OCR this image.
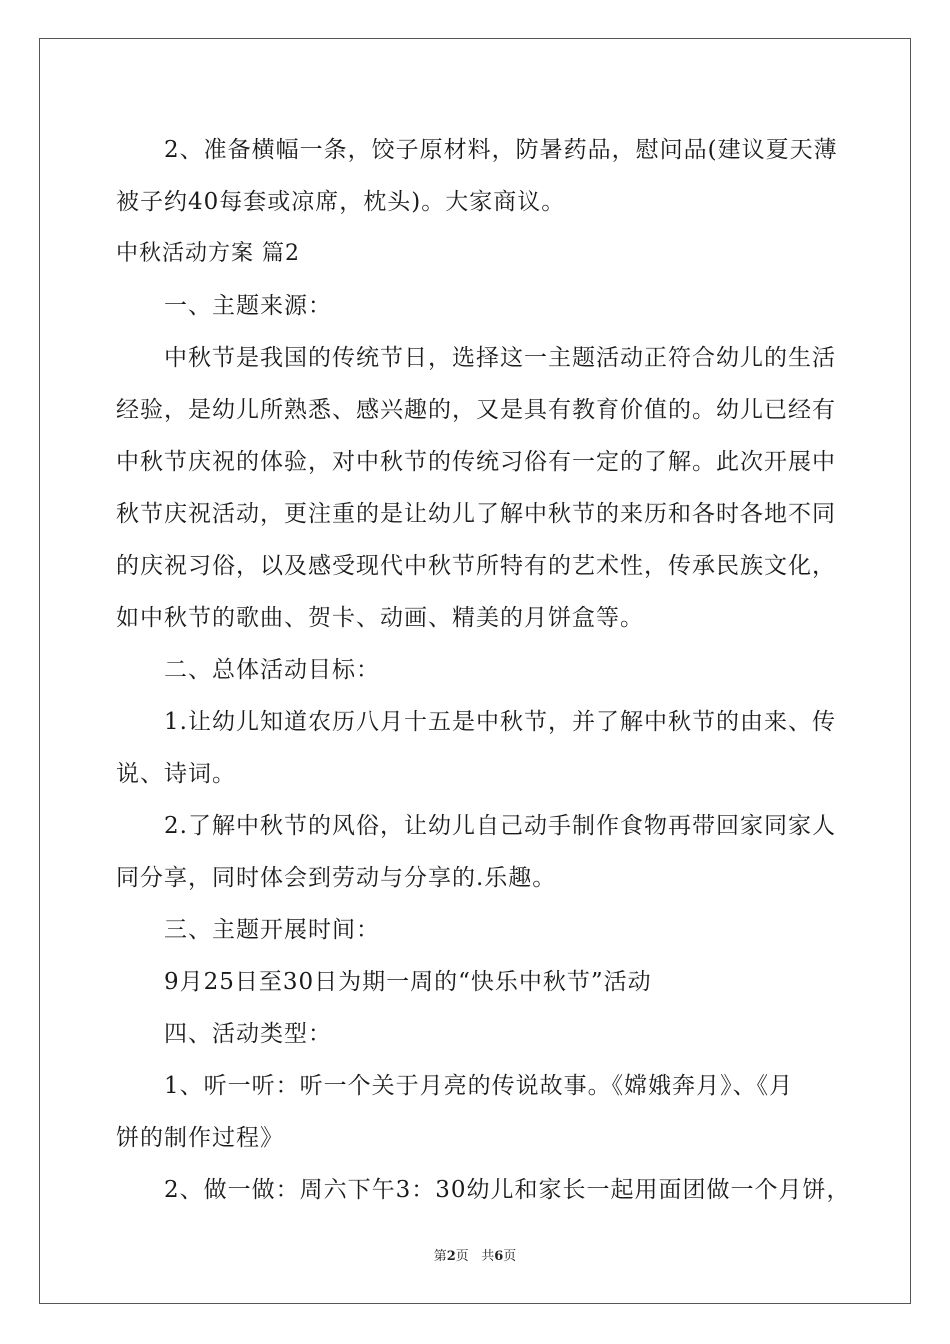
2、准备横幅一条，饺子原材料，防暑药品，慰问品(建议夏天薄
被子约40每套或凉席，枕头)。大家商议。
中秋活动方案 篇2
一、主题来源：
中秋节是我国的传统节日，选择这一主题活动正符合幼儿的生活
经验，是幼儿所熟悉、感兴趣的，又是具有教育价值的。幼儿已经有
中秋节庆祝的体验，对中秋节的传统习俗有一定的了解。此次开展中
秋节庆祝活动，更注重的是让幼儿了解中秋节的来历和各时各地不同
的庆祝习俗，以及感受现代中秋节所特有的艺术性，传承民族文化，
如中秋节的歌曲、贺卡、动画、精美的月饼盒等。
二、总体活动目标：
1.让幼儿知道农历八月十五是中秋节，并了解中秋节的由来、传
说、诗词。
2.了解中秋节的风俗，让幼儿自己动手制作食物再带回家同家人
同分享，同时体会到劳动与分享的.乐趣。
三、主题开展时间：
9月25日至30日为期一周的“快乐中秋节”活动
四、活动类型：
1、听一听：听一个关于月亮的传说故事。《嫦娥奔月》、《月
饼的制作过程》
2、做一做：周六下午3：30幼儿和家长一起用面团做一个月饼，
第2页   共6页
